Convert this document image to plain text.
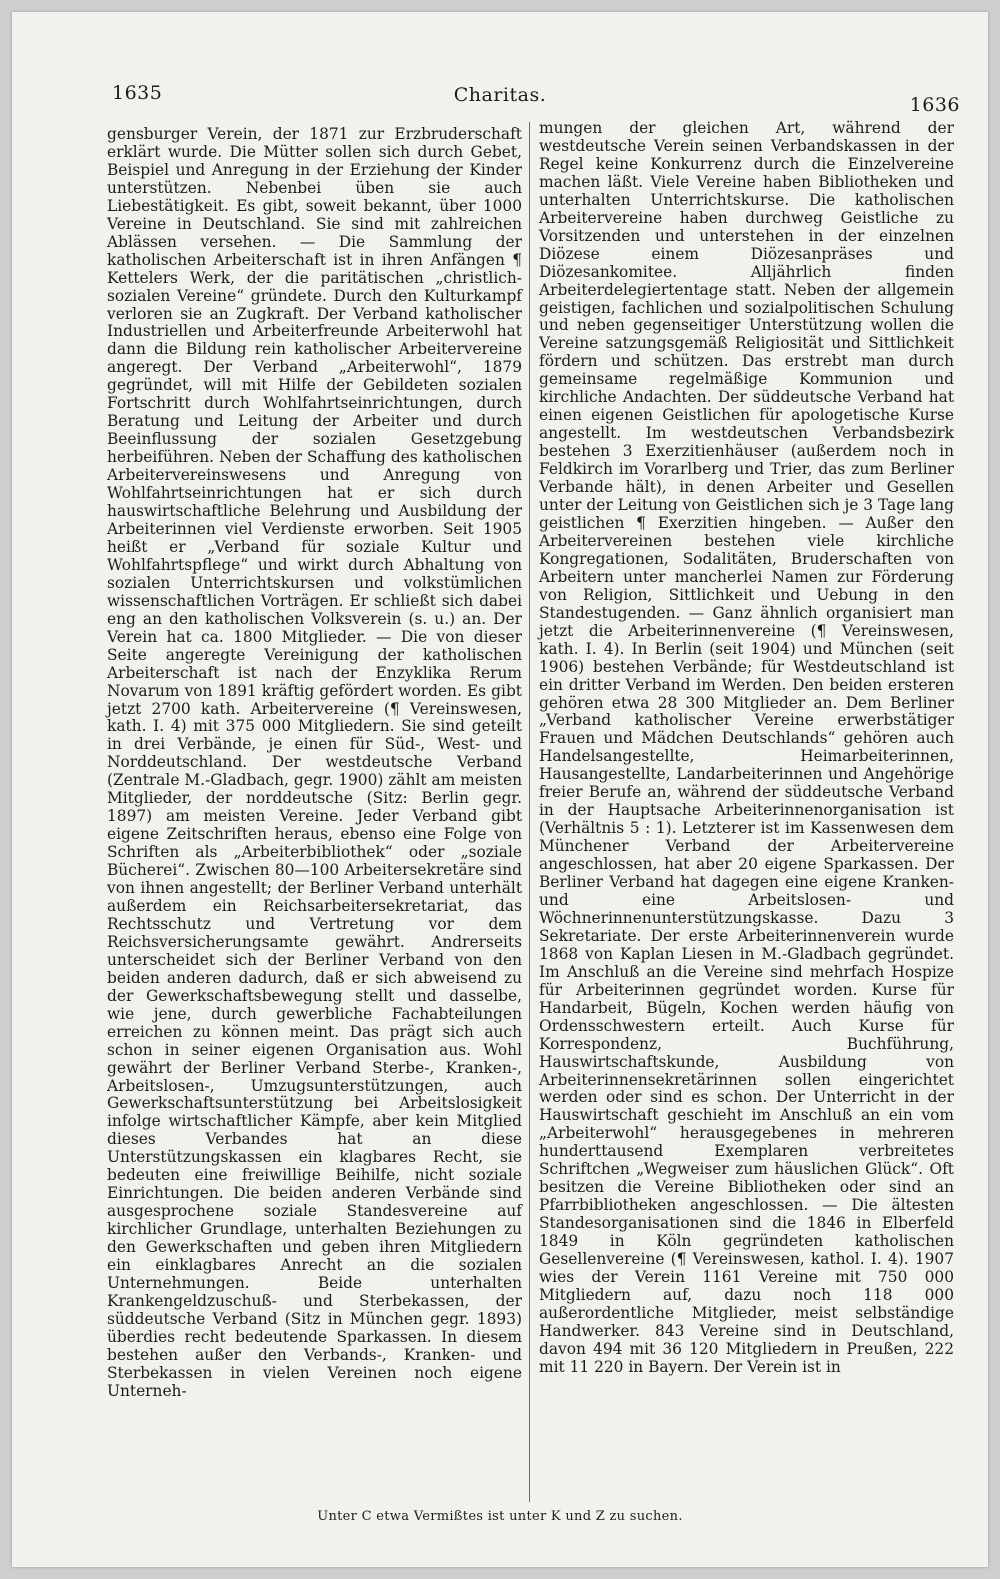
1635	Charitas.	1636

gensburger Verein, der 1871 zur Erzbruderschaft erklärt wurde. Die Mütter sollen sich durch Gebet, Beispiel und Anregung in der Erziehung der Kinder unterstützen. Nebenbei üben sie auch Liebestätigkeit. Es gibt, soweit bekannt, über 1000 Vereine in Deutschland. Sie sind mit zahlreichen Ablässen versehen. — Die Sammlung der katholischen Arbeiterschaft ist in ihren Anfängen ¶ Kettelers Werk, der die paritätischen „christlich-sozialen Vereine“ gründete. Durch den Kulturkampf verloren sie an Zugkraft. Der Verband katholischer Industriellen und Arbeiterfreunde Arbeiterwohl hat dann die Bildung rein katholischer Arbeitervereine angeregt. Der Verband „Arbeiterwohl“, 1879 gegründet, will mit Hilfe der Gebildeten sozialen Fortschritt durch Wohlfahrtseinrichtungen, durch Beratung und Leitung der Arbeiter und durch Beeinflussung der sozialen Gesetzgebung herbeiführen. Neben der Schaffung des katholischen Arbeitervereinswesens und Anregung von Wohlfahrtseinrichtungen hat er sich durch hauswirtschaftliche Belehrung und Ausbildung der Arbeiterinnen viel Verdienste erworben. Seit 1905 heißt er „Verband für soziale Kultur und Wohlfahrtspflege“ und wirkt durch Abhaltung von sozialen Unterrichtskursen und volkstümlichen wissenschaftlichen Vorträgen. Er schließt sich dabei eng an den katholischen Volksverein (s. u.) an. Der Verein hat ca. 1800 Mitglieder. — Die von dieser Seite angeregte Vereinigung der katholischen Arbeiterschaft ist nach der Enzyklika Rerum Novarum von 1891 kräftig gefördert worden. Es gibt jetzt 2700 kath. Arbeitervereine (¶ Vereinswesen, kath. I. 4) mit 375 000 Mitgliedern. Sie sind geteilt in drei Verbände, je einen für Süd-, West- und Norddeutschland. Der westdeutsche Verband (Zentrale M.-Gladbach, gegr. 1900) zählt am meisten Mitglieder, der norddeutsche (Sitz: Berlin gegr. 1897) am meisten Vereine. Jeder Verband gibt eigene Zeitschriften heraus, ebenso eine Folge von Schriften als „Arbeiterbibliothek“ oder „soziale Bücherei“. Zwischen 80—100 Arbeitersekretäre sind von ihnen angestellt; der Berliner Verband unterhält außerdem ein Reichsarbeitersekretariat, das Rechtsschutz und Vertretung vor dem Reichsversicherungsamte gewährt. Andrerseits unterscheidet sich der Berliner Verband von den beiden anderen dadurch, daß er sich abweisend zu der Gewerkschaftsbewegung stellt und dasselbe, wie jene, durch gewerbliche Fachabteilungen erreichen zu können meint. Das prägt sich auch schon in seiner eigenen Organisation aus. Wohl gewährt der Berliner Verband Sterbe-, Kranken-, Arbeitslosen-, Umzugsunterstützungen, auch Gewerkschaftsunterstützung bei Arbeitslosigkeit infolge wirtschaftlicher Kämpfe, aber kein Mitglied dieses Verbandes hat an diese Unterstützungskassen ein klagbares Recht, sie bedeuten eine freiwillige Beihilfe, nicht soziale Einrichtungen. Die beiden anderen Verbände sind ausgesprochene soziale Standesvereine auf kirchlicher Grundlage, unterhalten Beziehungen zu den Gewerkschaften und geben ihren Mitgliedern ein einklagbares Anrecht an die sozialen Unternehmungen. Beide unterhalten Krankengeldzuschuß- und Sterbekassen, der süddeutsche Verband (Sitz in München gegr. 1893) überdies recht bedeutende Sparkassen. In diesem bestehen außer den Verbands-, Kranken- und Sterbekassen in vielen Vereinen noch eigene Unterneh-

mungen der gleichen Art, während der westdeutsche Verein seinen Verbandskassen in der Regel keine Konkurrenz durch die Einzelvereine machen läßt. Viele Vereine haben Bibliotheken und unterhalten Unterrichtskurse. Die katholischen Arbeitervereine haben durchweg Geistliche zu Vorsitzenden und unterstehen in der einzelnen Diözese einem Diözesanpräses und Diözesankomitee. Alljährlich finden Arbeiterdelegiertentage statt. Neben der allgemein geistigen, fachlichen und sozialpolitischen Schulung und neben gegenseitiger Unterstützung wollen die Vereine satzungsgemäß Religiosität und Sittlichkeit fördern und schützen. Das erstrebt man durch gemeinsame regelmäßige Kommunion und kirchliche Andachten. Der süddeutsche Verband hat einen eigenen Geistlichen für apologetische Kurse angestellt. Im westdeutschen Verbandsbezirk bestehen 3 Exerzitienhäuser (außerdem noch in Feldkirch im Vorarlberg und Trier, das zum Berliner Verbande hält), in denen Arbeiter und Gesellen unter der Leitung von Geistlichen sich je 3 Tage lang geistlichen ¶ Exerzitien hingeben. — Außer den Arbeitervereinen bestehen viele kirchliche Kongregationen, Sodalitäten, Bruderschaften von Arbeitern unter mancherlei Namen zur Förderung von Religion, Sittlichkeit und Uebung in den Standestugenden. — Ganz ähnlich organisiert man jetzt die Arbeiterinnenvereine (¶ Vereinswesen, kath. I. 4). In Berlin (seit 1904) und München (seit 1906) bestehen Verbände; für Westdeutschland ist ein dritter Verband im Werden. Den beiden ersteren gehören etwa 28 300 Mitglieder an. Dem Berliner „Verband katholischer Vereine erwerbstätiger Frauen und Mädchen Deutschlands“ gehören auch Handelsangestellte, Heimarbeiterinnen, Hausangestellte, Landarbeiterinnen und Angehörige freier Berufe an, während der süddeutsche Verband in der Hauptsache Arbeiterinnenorganisation ist (Verhältnis 5 : 1). Letzterer ist im Kassenwesen dem Münchener Verband der Arbeitervereine angeschlossen, hat aber 20 eigene Sparkassen. Der Berliner Verband hat dagegen eine eigene Kranken- und eine Arbeitslosen- und Wöchnerinnenunterstützungskasse. Dazu 3 Sekretariate. Der erste Arbeiterinnenverein wurde 1868 von Kaplan Liesen in M.-Gladbach gegründet. Im Anschluß an die Vereine sind mehrfach Hospize für Arbeiterinnen gegründet worden. Kurse für Handarbeit, Bügeln, Kochen werden häufig von Ordensschwestern erteilt. Auch Kurse für Korrespondenz, Buchführung, Hauswirtschaftskunde, Ausbildung von Arbeiterinnensekretärinnen sollen eingerichtet werden oder sind es schon. Der Unterricht in der Hauswirtschaft geschieht im Anschluß an ein vom „Arbeiterwohl“ herausgegebenes in mehreren hunderttausend Exemplaren verbreitetes Schriftchen „Wegweiser zum häuslichen Glück“. Oft besitzen die Vereine Bibliotheken oder sind an Pfarrbibliotheken angeschlossen. — Die ältesten Standesorganisationen sind die 1846 in Elberfeld 1849 in Köln gegründeten katholischen Gesellenvereine (¶ Vereinswesen, kathol. I. 4). 1907 wies der Verein 1161 Vereine mit 750 000 Mitgliedern auf, dazu noch 118 000 außerordentliche Mitglieder, meist selbständige Handwerker. 843 Vereine sind in Deutschland, davon 494 mit 36 120 Mitgliedern in Preußen, 222 mit 11 220 in Bayern. Der Verein ist in

Unter C etwa Vermißtes ist unter K und Z zu suchen.
